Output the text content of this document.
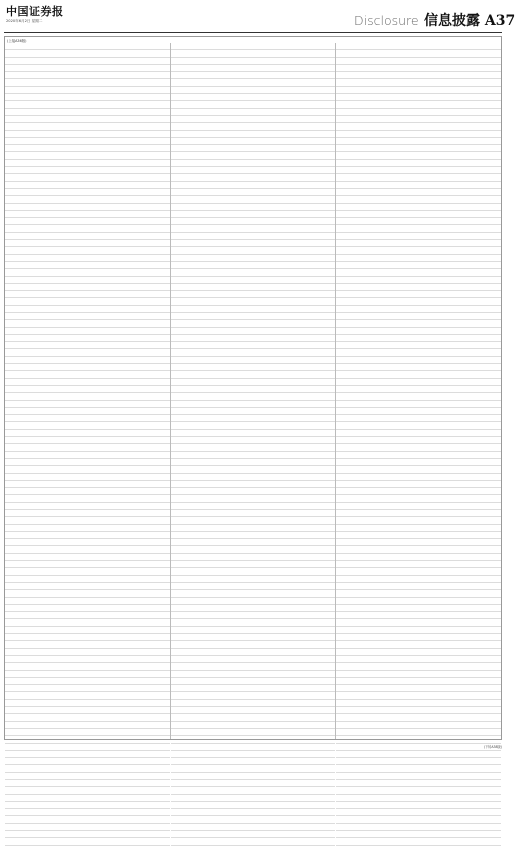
中国证券报
2020年6月2日 星期二	Disclosure 信息披露 A37
(上接A36版)
(下转A38版)
